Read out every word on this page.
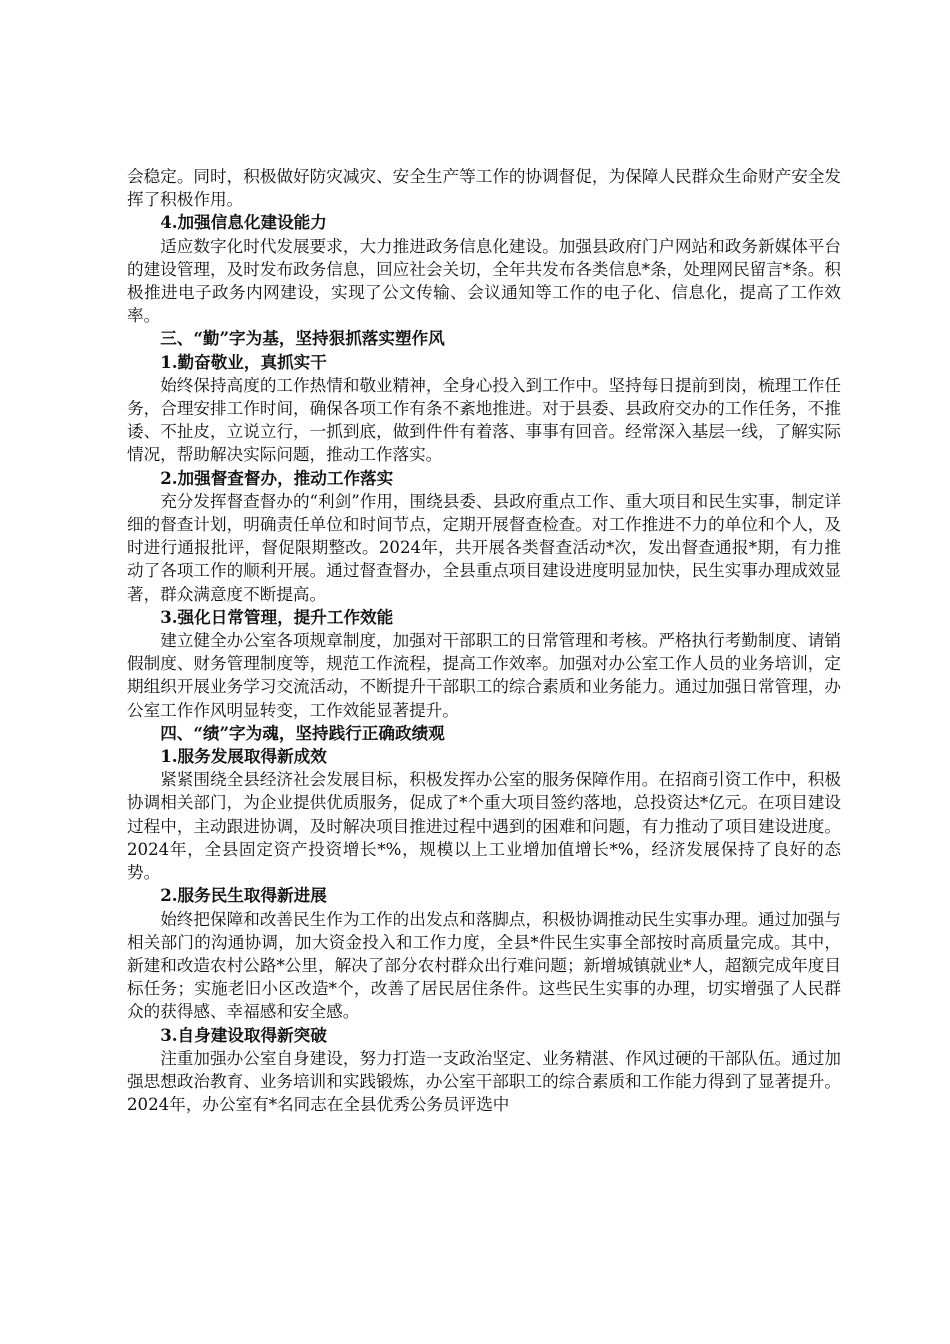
会稳定。同时，积极做好防灾减灾、安全生产等工作的协调督促，为保障人民群众生命财产安全发挥了积极作用。

4.加强信息化建设能力

适应数字化时代发展要求，大力推进政务信息化建设。加强县政府门户网站和政务新媒体平台的建设管理，及时发布政务信息，回应社会关切，全年共发布各类信息*条，处理网民留言*条。积极推进电子政务内网建设，实现了公文传输、会议通知等工作的电子化、信息化，提高了工作效率。

三、“勤”字为基，坚持狠抓落实塑作风

1.勤奋敬业，真抓实干

始终保持高度的工作热情和敬业精神，全身心投入到工作中。坚持每日提前到岗，梳理工作任务，合理安排工作时间，确保各项工作有条不紊地推进。对于县委、县政府交办的工作任务，不推诿、不扯皮，立说立行，一抓到底，做到件件有着落、事事有回音。经常深入基层一线，了解实际情况，帮助解决实际问题，推动工作落实。

2.加强督查督办，推动工作落实

充分发挥督查督办的“利剑”作用，围绕县委、县政府重点工作、重大项目和民生实事，制定详细的督查计划，明确责任单位和时间节点，定期开展督查检查。对工作推进不力的单位和个人，及时进行通报批评，督促限期整改。2024年，共开展各类督查活动*次，发出督查通报*期，有力推动了各项工作的顺利开展。通过督查督办，全县重点项目建设进度明显加快，民生实事办理成效显著，群众满意度不断提高。

3.强化日常管理，提升工作效能

建立健全办公室各项规章制度，加强对干部职工的日常管理和考核。严格执行考勤制度、请销假制度、财务管理制度等，规范工作流程，提高工作效率。加强对办公室工作人员的业务培训，定期组织开展业务学习交流活动，不断提升干部职工的综合素质和业务能力。通过加强日常管理，办公室工作作风明显转变，工作效能显著提升。

四、“绩”字为魂，坚持践行正确政绩观

1.服务发展取得新成效

紧紧围绕全县经济社会发展目标，积极发挥办公室的服务保障作用。在招商引资工作中，积极协调相关部门，为企业提供优质服务，促成了*个重大项目签约落地，总投资达*亿元。在项目建设过程中，主动跟进协调，及时解决项目推进过程中遇到的困难和问题，有力推动了项目建设进度。2024年，全县固定资产投资增长*%，规模以上工业增加值增长*%，经济发展保持了良好的态势。

2.服务民生取得新进展

始终把保障和改善民生作为工作的出发点和落脚点，积极协调推动民生实事办理。通过加强与相关部门的沟通协调，加大资金投入和工作力度，全县*件民生实事全部按时高质量完成。其中，新建和改造农村公路*公里，解决了部分农村群众出行难问题；新增城镇就业*人，超额完成年度目标任务；实施老旧小区改造*个，改善了居民居住条件。这些民生实事的办理，切实增强了人民群众的获得感、幸福感和安全感。

3.自身建设取得新突破

注重加强办公室自身建设，努力打造一支政治坚定、业务精湛、作风过硬的干部队伍。通过加强思想政治教育、业务培训和实践锻炼，办公室干部职工的综合素质和工作能力得到了显著提升。2024年，办公室有*名同志在全县优秀公务员评选中
